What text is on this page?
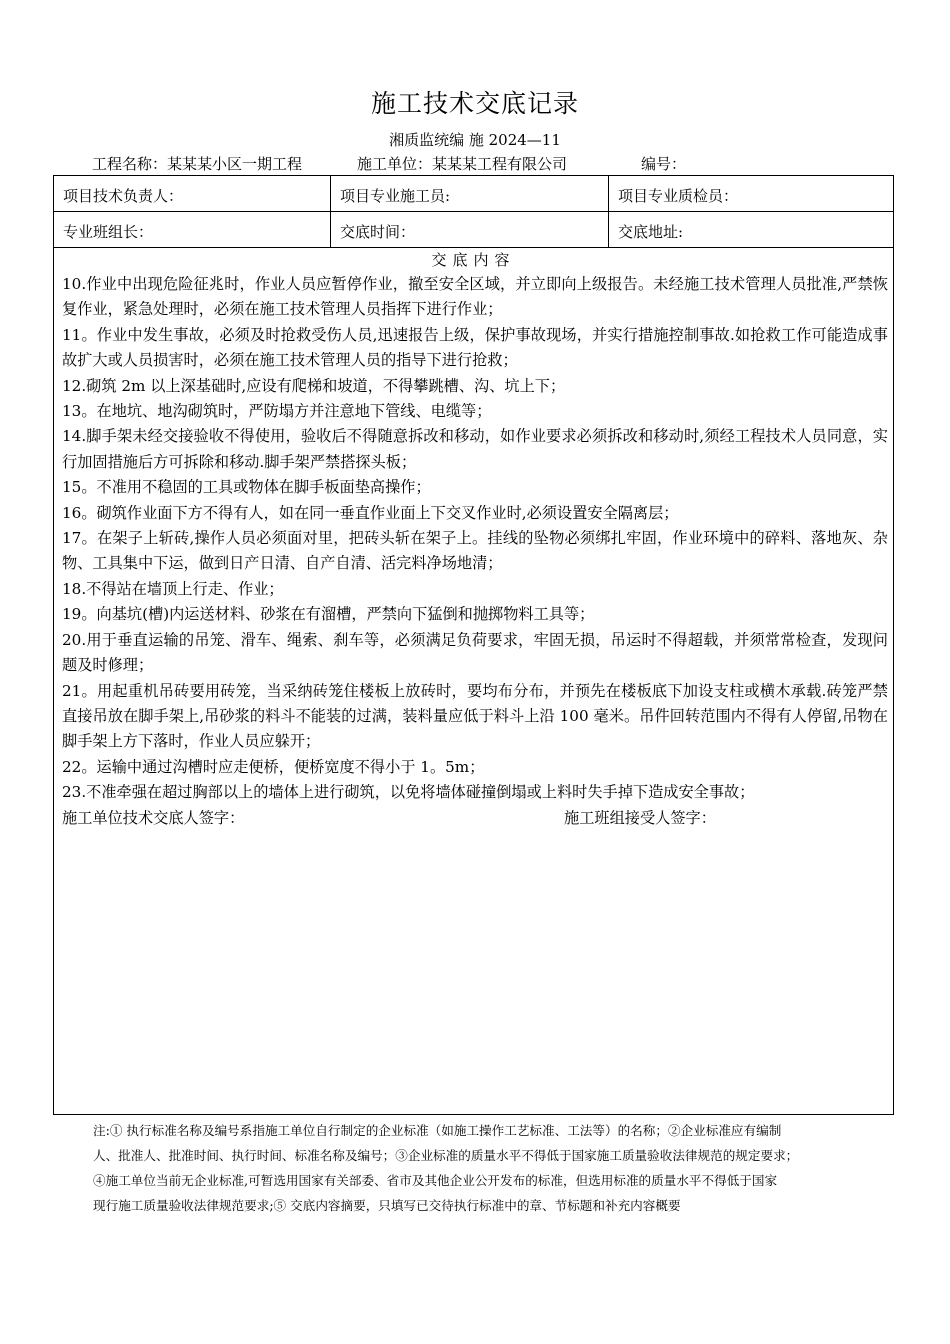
施工技术交底记录
湘质监统编 施 2024—11
工程名称：某某某小区一期工程	施工单位：某某某工程有限公司	编号：
项目技术负责人：	项目专业施工员:	项目专业质检员：
专业班组长：	交底时间：	交底地址:
交底内容

10.作业中出现危险征兆时，作业人员应暂停作业，撤至安全区域，并立即向上级报告。未经施工技术管理人员批准,严禁恢复作业，紧急处理时，必须在施工技术管理人员指挥下进行作业；

11。作业中发生事故，必须及时抢救受伤人员,迅速报告上级，保护事故现场，并实行措施控制事故.如抢救工作可能造成事故扩大或人员损害时，必须在施工技术管理人员的指导下进行抢救；

12.砌筑 2m 以上深基础时,应设有爬梯和坡道，不得攀跳槽、沟、坑上下；

13。在地坑、地沟砌筑时，严防塌方并注意地下管线、电缆等；

14.脚手架未经交接验收不得使用，验收后不得随意拆改和移动，如作业要求必须拆改和移动时,须经工程技术人员同意，实行加固措施后方可拆除和移动.脚手架严禁搭探头板；

15。不准用不稳固的工具或物体在脚手板面垫高操作；

16。砌筑作业面下方不得有人，如在同一垂直作业面上下交叉作业时,必须设置安全隔离层；

17。在架子上斩砖,操作人员必须面对里，把砖头斩在架子上。挂线的坠物必须绑扎牢固，作业环境中的碎料、落地灰、杂物、工具集中下运，做到日产日清、自产自清、活完料净场地清；

18.不得站在墙顶上行走、作业；

19。向基坑(槽)内运送材料、砂浆在有溜槽，严禁向下猛倒和抛掷物料工具等；

20.用于垂直运输的吊笼、滑车、绳索、刹车等，必须满足负荷要求，牢固无损，吊运时不得超载，并须常常检查，发现问题及时修理；

21。用起重机吊砖要用砖笼，当采纳砖笼住楼板上放砖时，要均布分布，并预先在楼板底下加设支柱或横木承载.砖笼严禁直接吊放在脚手架上,吊砂浆的料斗不能装的过满，装料量应低于料斗上沿 100 毫米。吊件回转范围内不得有人停留,吊物在脚手架上方下落时，作业人员应躲开；

22。运输中通过沟槽时应走便桥，便桥宽度不得小于 1。5m；

23.不准牵强在超过胸部以上的墙体上进行砌筑，以免将墙体碰撞倒塌或上料时失手掉下造成安全事故；

施工单位技术交底人签字：	施工班组接受人签字：

注:① 执行标准名称及编号系指施工单位自行制定的企业标准（如施工操作工艺标准、工法等）的名称；②企业标准应有编制

人、批准人、批准时间、执行时间、标准名称及编号；③企业标准的质量水平不得低于国家施工质量验收法律规范的规定要求；

④施工单位当前无企业标准,可暂选用国家有关部委、省市及其他企业公开发布的标准，但选用标准的质量水平不得低于国家

现行施工质量验收法律规范要求;⑤ 交底内容摘要，只填写已交待执行标准中的章、节标题和补充内容概要
